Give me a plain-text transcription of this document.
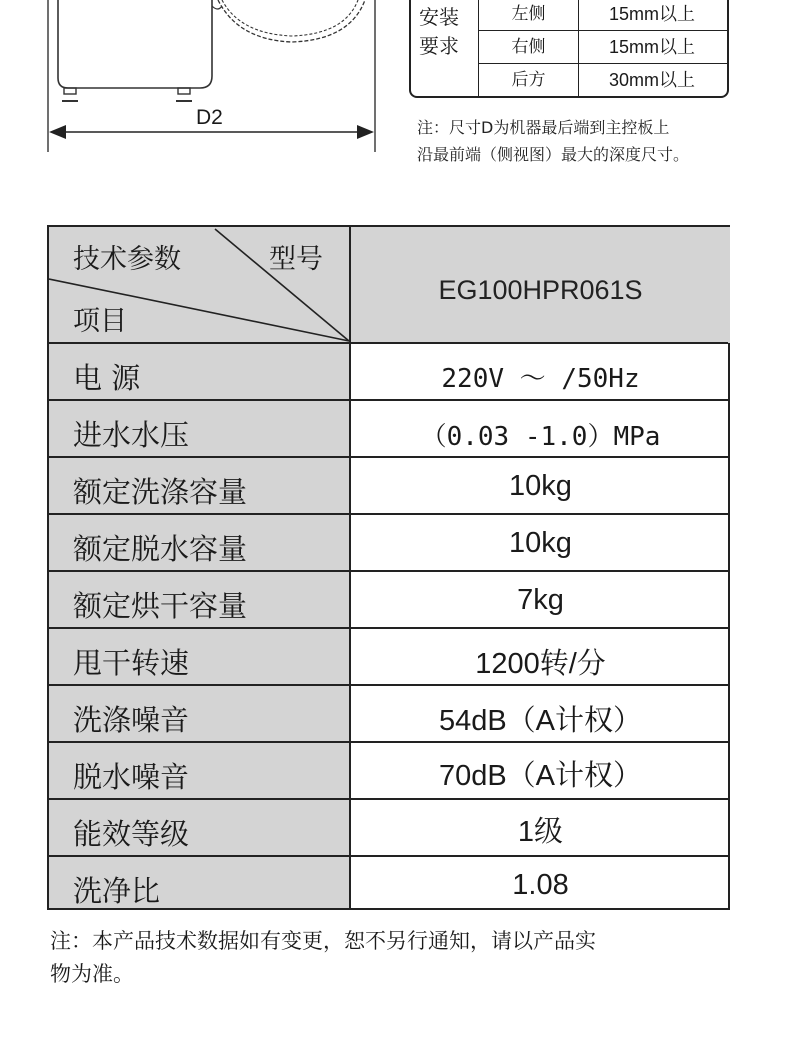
D2
安装
要求
左侧	15mm以上
右侧	15mm以上
后方	30mm以上
注：尺寸D为机器最后端到主控板上
沿最前端（侧视图）最大的深度尺寸。
技术参数	型号
项目
EG100HPR061S
电 源	220V ～ /50Hz
进水水压	（0.03 -1.0）MPa
额定洗涤容量	10kg
额定脱水容量	10kg
额定烘干容量	7kg
甩干转速	1200转/分
洗涤噪音	54dB（A计权）
脱水噪音	70dB（A计权）
能效等级	1级
洗净比	1.08
注：本产品技术数据如有变更，恕不另行通知，请以产品实
物为准。
